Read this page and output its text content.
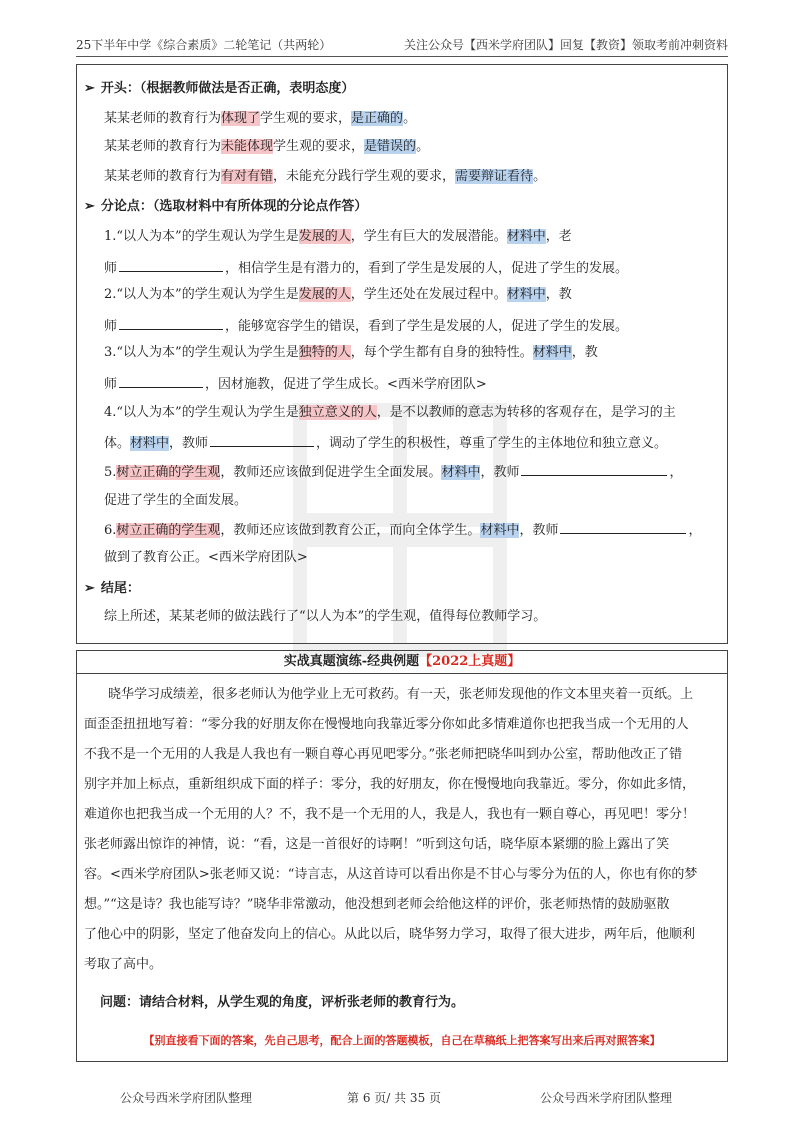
25下半年中学《综合素质》二轮笔记（共两轮）	关注公众号【西米学府团队】回复【教资】领取考前冲刺资料
➢ 开头：（根据教师做法是否正确，表明态度）
某某老师的教育行为体现了学生观的要求，是正确的。
某某老师的教育行为未能体现学生观的要求，是错误的。
某某老师的教育行为有对有错，未能充分践行学生观的要求，需要辩证看待。
➢ 分论点：（选取材料中有所体现的分论点作答）
1.“以人为本”的学生观认为学生是发展的人，学生有巨大的发展潜能。材料中，老
师	，相信学生是有潜力的，看到了学生是发展的人，促进了学生的发展。
2.“以人为本”的学生观认为学生是发展的人，学生还处在发展过程中。材料中，教
师	，能够宽容学生的错误，看到了学生是发展的人，促进了学生的发展。
3.“以人为本”的学生观认为学生是独特的人，每个学生都有自身的独特性。材料中，教
师	，因材施教，促进了学生成长。<西米学府团队>
4.“以人为本”的学生观认为学生是独立意义的人，是不以教师的意志为转移的客观存在，是学习的主
体。材料中，教师	，调动了学生的积极性，尊重了学生的主体地位和独立意义。
5.树立正确的学生观，教师还应该做到促进学生全面发展。材料中，教师	，
促进了学生的全面发展。
6.树立正确的学生观，教师还应该做到教育公正，而向全体学生。材料中，教师	，
做到了教育公正。<西米学府团队>
➢ 结尾：
综上所述，某某老师的做法践行了“以人为本”的学生观，值得每位教师学习。
实战真题演练-经典例题【2022上真题】
晓华学习成绩差，很多老师认为他学业上无可救药。有一天，张老师发现他的作文本里夹着一页纸。上
面歪歪扭扭地写着：“零分我的好朋友你在慢慢地向我靠近零分你如此多情难道你也把我当成一个无用的人
不我不是一个无用的人我是人我也有一颗自尊心再见吧零分。”张老师把晓华叫到办公室，帮助他改正了错
别字并加上标点，重新组织成下面的样子：零分，我的好朋友，你在慢慢地向我靠近。零分，你如此多情，
难道你也把我当成一个无用的人？不，我不是一个无用的人，我是人，我也有一颗自尊心，再见吧！零分！
张老师露出惊诈的神情，说：“看，这是一首很好的诗啊！”听到这句话，晓华原本紧绷的脸上露出了笑
容。<西米学府团队>张老师又说：“诗言志，从这首诗可以看出你是不甘心与零分为伍的人，你也有你的梦
想。”“这是诗？我也能写诗？”晓华非常激动，他没想到老师会给他这样的评价，张老师热情的鼓励驱散
了他心中的阴影，坚定了他奋发向上的信心。从此以后，晓华努力学习，取得了很大进步，两年后，他顺利
考取了高中。
问题：请结合材料，从学生观的角度，评析张老师的教育行为。
【别直接看下面的答案，先自己思考，配合上面的答题模板，自己在草稿纸上把答案写出来后再对照答案】
公众号西米学府团队整理	第 6 页/ 共 35 页	公众号西米学府团队整理
